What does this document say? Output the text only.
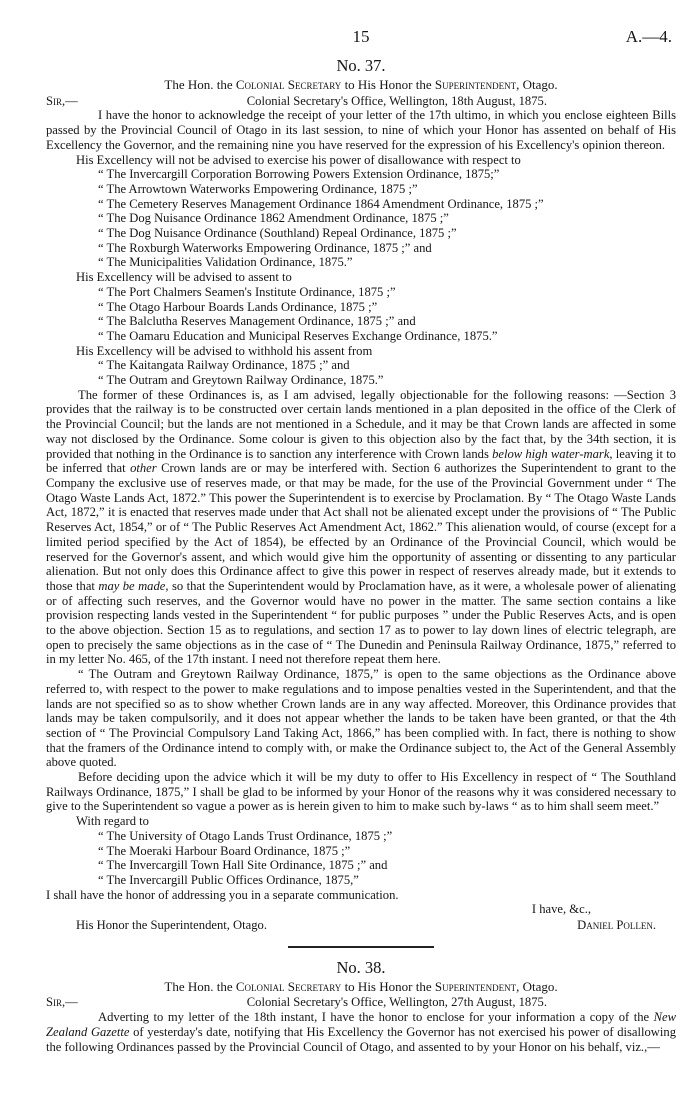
15	A.—4.
No. 37.
The Hon. the Colonial Secretary to His Honor the Superintendent, Otago.
Sir,—	Colonial Secretary's Office, Wellington, 18th August, 1875.

I have the honor to acknowledge the receipt of your letter of the 17th ultimo, in which you enclose eighteen Bills passed by the Provincial Council of Otago in its last session, to nine of which your Honor has assented on behalf of His Excellency the Governor, and the remaining nine you have reserved for the expression of his Excellency's opinion thereon.

His Excellency will not be advised to exercise his power of disallowance with respect to
“ The Invercargill Corporation Borrowing Powers Extension Ordinance, 1875;”
“ The Arrowtown Waterworks Empowering Ordinance, 1875 ;”
“ The Cemetery Reserves Management Ordinance 1864 Amendment Ordinance, 1875 ;”
“ The Dog Nuisance Ordinance 1862 Amendment Ordinance, 1875 ;”
“ The Dog Nuisance Ordinance (Southland) Repeal Ordinance, 1875 ;”
“ The Roxburgh Waterworks Empowering Ordinance, 1875 ;” and
“ The Municipalities Validation Ordinance, 1875.”
His Excellency will be advised to assent to
“ The Port Chalmers Seamen's Institute Ordinance, 1875 ;”
“ The Otago Harbour Boards Lands Ordinance, 1875 ;”
“ The Balclutha Reserves Management Ordinance, 1875 ;” and
“ The Oamaru Education and Municipal Reserves Exchange Ordinance, 1875.”
His Excellency will be advised to withhold his assent from
“ The Kaitangata Railway Ordinance, 1875 ;” and
“ The Outram and Greytown Railway Ordinance, 1875.”

The former of these Ordinances is, as I am advised, legally objectionable for the following reasons: —Section 3 provides that the railway is to be constructed over certain lands mentioned in a plan deposited in the office of the Clerk of the Provincial Council; but the lands are not mentioned in a Schedule, and it may be that Crown lands are affected in some way not disclosed by the Ordinance. Some colour is given to this objection also by the fact that, by the 34th section, it is provided that nothing in the Ordinance is to sanction any interference with Crown lands below high water-mark, leaving it to be inferred that other Crown lands are or may be interfered with. Section 6 authorizes the Superintendent to grant to the Company the exclusive use of reserves made, or that may be made, for the use of the Provincial Government under “ The Otago Waste Lands Act, 1872.” This power the Superintendent is to exercise by Proclamation. By “ The Otago Waste Lands Act, 1872,” it is enacted that reserves made under that Act shall not be alienated except under the provisions of “ The Public Reserves Act, 1854,” or of “ The Public Reserves Act Amendment Act, 1862.” This alienation would, of course (except for a limited period specified by the Act of 1854), be effected by an Ordinance of the Provincial Council, which would be reserved for the Governor's assent, and which would give him the opportunity of assenting or dissenting to any particular alienation. But not only does this Ordinance affect to give this power in respect of reserves already made, but it extends to those that may be made, so that the Superintendent would by Proclamation have, as it were, a wholesale power of alienating or of affecting such reserves, and the Governor would have no power in the matter. The same section contains a like provision respecting lands vested in the Superintendent “ for public purposes ” under the Public Reserves Acts, and is open to the above objection. Section 15 as to regulations, and section 17 as to power to lay down lines of electric telegraph, are open to precisely the same objections as in the case of “ The Dunedin and Peninsula Railway Ordinance, 1875,” referred to in my letter No. 465, of the 17th instant. I need not therefore repeat them here.

“ The Outram and Greytown Railway Ordinance, 1875,” is open to the same objections as the Ordinance above referred to, with respect to the power to make regulations and to impose penalties vested in the Superintendent, and that the lands are not specified so as to show whether Crown lands are in any way affected. Moreover, this Ordinance provides that lands may be taken compulsorily, and it does not appear whether the lands to be taken have been granted, or that the 4th section of “ The Provincial Compulsory Land Taking Act, 1866,” has been complied with. In fact, there is nothing to show that the framers of the Ordinance intend to comply with, or make the Ordinance subject to, the Act of the General Assembly above quoted.

Before deciding upon the advice which it will be my duty to offer to His Excellency in respect of “ The Southland Railways Ordinance, 1875,” I shall be glad to be informed by your Honor of the reasons why it was considered necessary to give to the Superintendent so vague a power as is herein given to him to make such by-laws “ as to him shall seem meet.”

With regard to
“ The University of Otago Lands Trust Ordinance, 1875 ;”
“ The Moeraki Harbour Board Ordinance, 1875 ;”
“ The Invercargill Town Hall Site Ordinance, 1875 ;” and
“ The Invercargill Public Offices Ordinance, 1875,”
I shall have the honor of addressing you in a separate communication.
I have, &c.,
His Honor the Superintendent, Otago.	Daniel Pollen.
No. 38.
The Hon. the Colonial Secretary to His Honor the Superintendent, Otago.
Sir,—	Colonial Secretary's Office, Wellington, 27th August, 1875.

Adverting to my letter of the 18th instant, I have the honor to enclose for your information a copy of the New Zealand Gazette of yesterday's date, notifying that His Excellency the Governor has not exercised his power of disallowing the following Ordinances passed by the Provincial Council of Otago, and assented to by your Honor on his behalf, viz.,—
